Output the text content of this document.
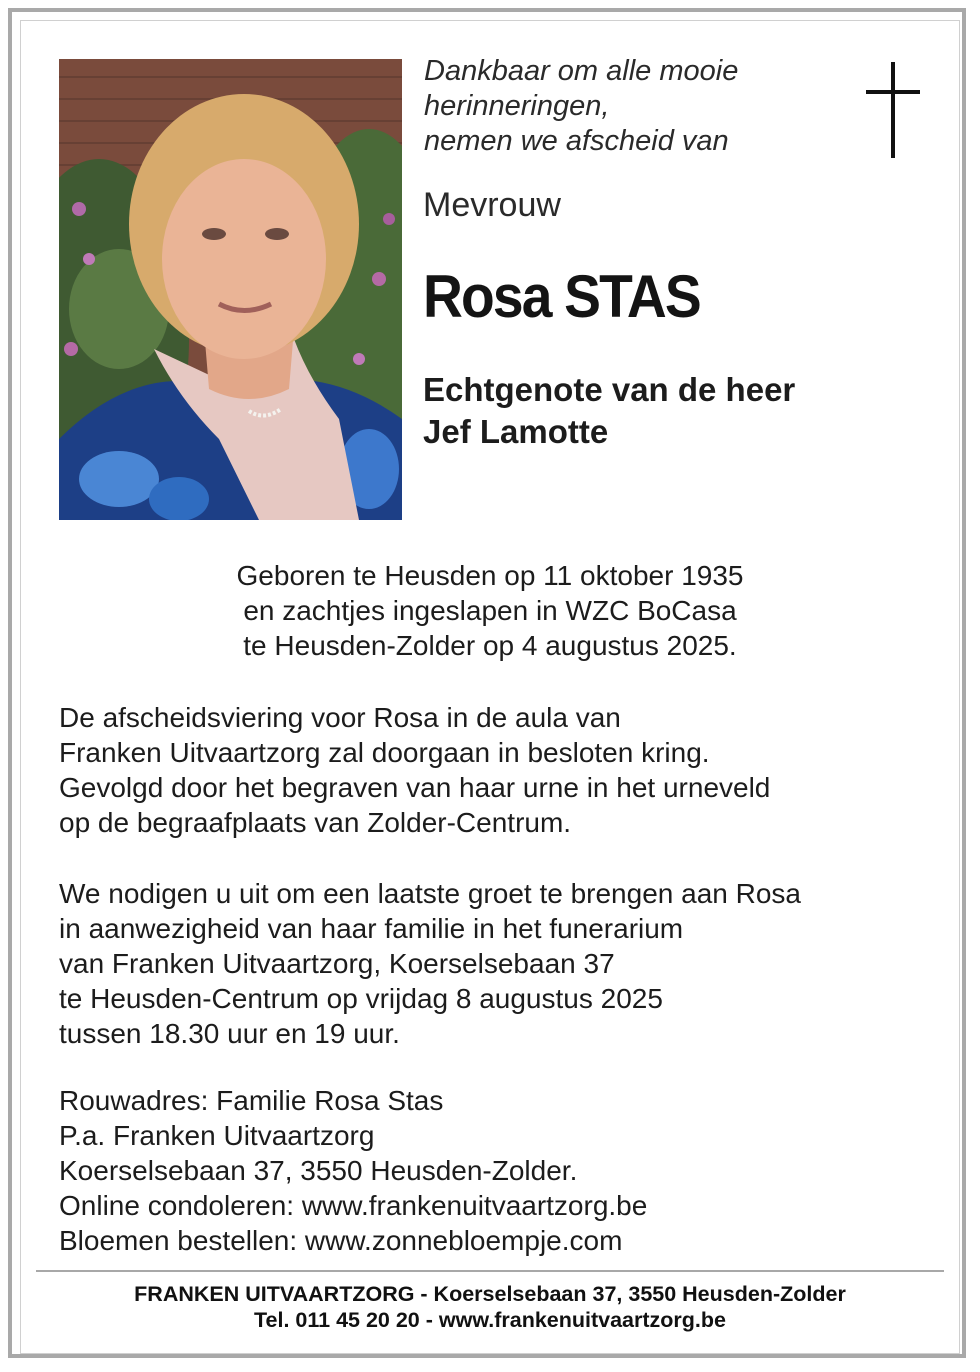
Dankbaar om alle mooie
herinneringen,
nemen we afscheid van
Mevrouw
Rosa STAS
Echtgenote van de heer
Jef Lamotte
Geboren te Heusden op 11 oktober 1935
en zachtjes ingeslapen in WZC BoCasa
te Heusden-Zolder op 4 augustus 2025.
De afscheidsviering voor Rosa in de aula van
Franken Uitvaartzorg zal doorgaan in besloten kring.
Gevolgd door het begraven van haar urne in het urneveld
op de begraafplaats van Zolder-Centrum.
We nodigen u uit om een laatste groet te brengen aan Rosa
in aanwezigheid van haar familie in het funerarium
van Franken Uitvaartzorg, Koerselsebaan 37
te Heusden-Centrum op vrijdag 8 augustus 2025
tussen 18.30 uur en 19 uur.
Rouwadres: Familie Rosa Stas
P.a. Franken Uitvaartzorg
Koerselsebaan 37, 3550 Heusden-Zolder.
Online condoleren: www.frankenuitvaartzorg.be
Bloemen bestellen: www.zonnebloempje.com
FRANKEN UITVAARTZORG - Koerselsebaan 37, 3550 Heusden-Zolder
Tel. 011 45 20 20 - www.frankenuitvaartzorg.be
